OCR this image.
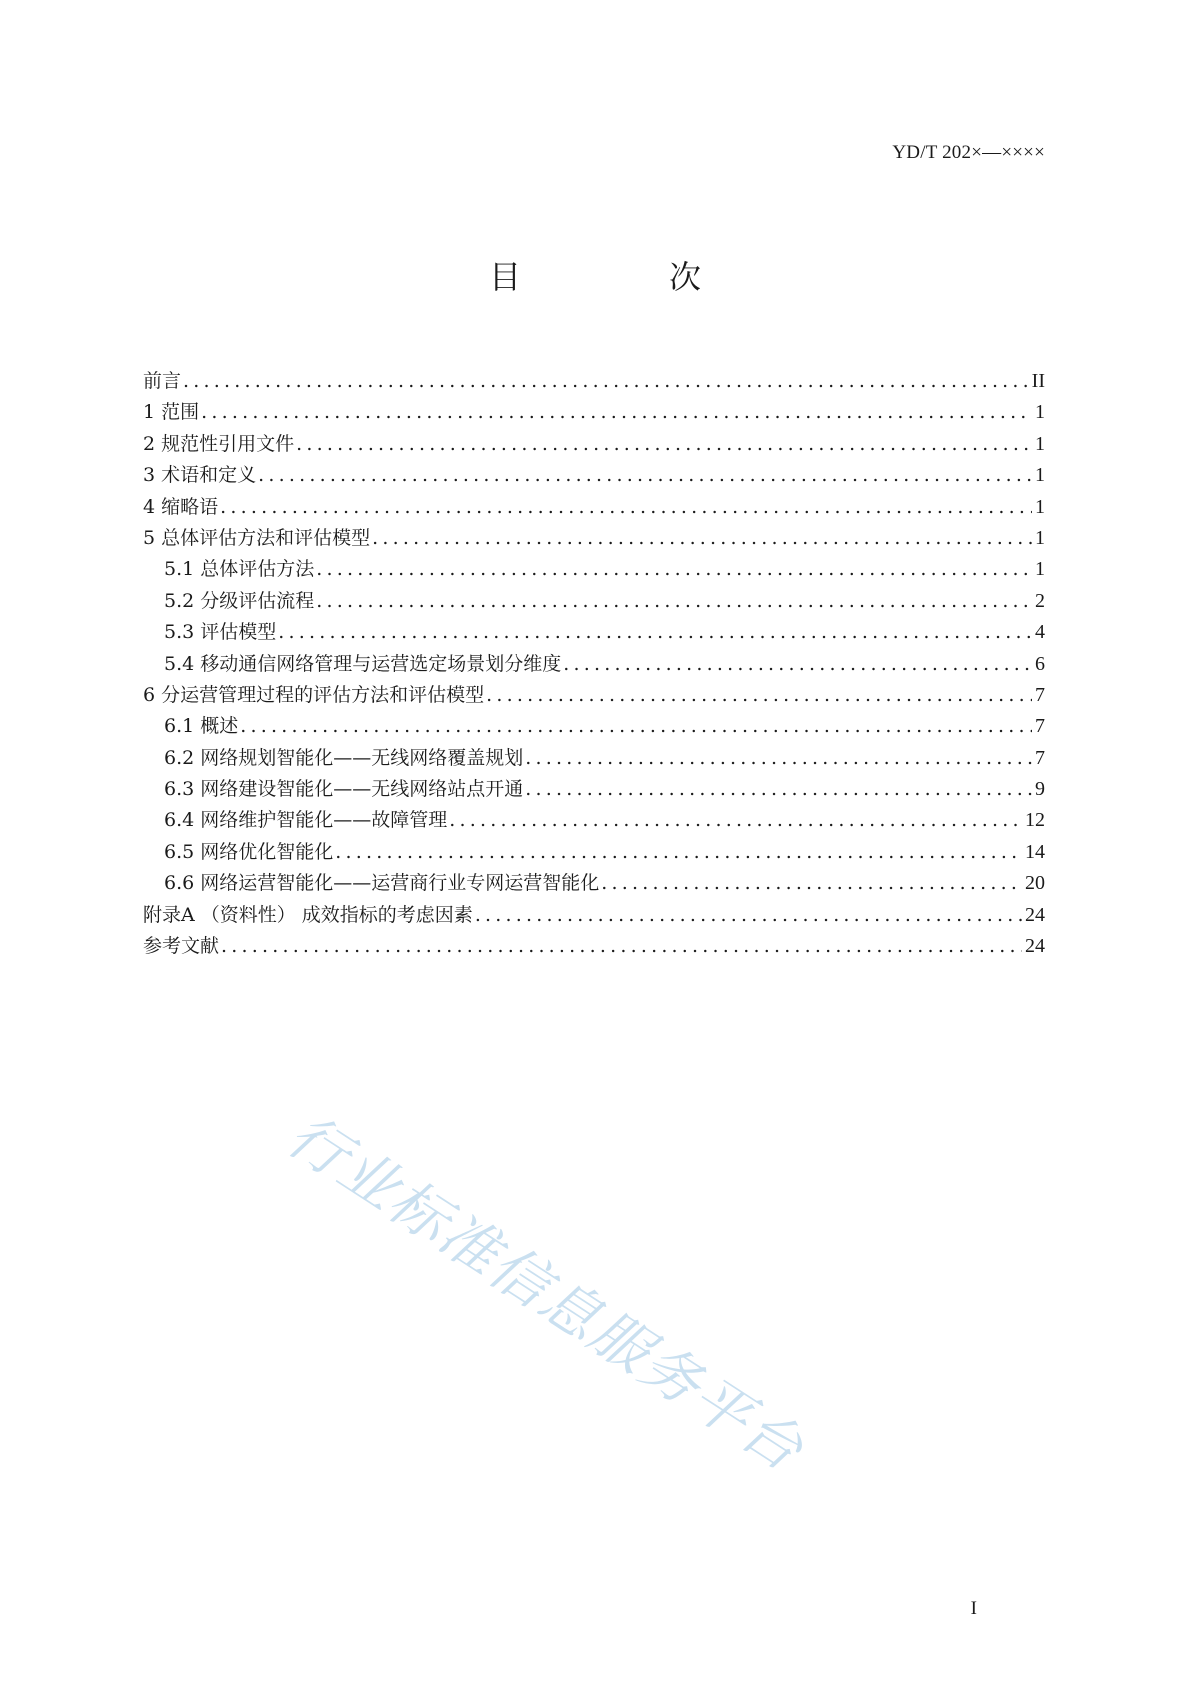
YD/T 202×—××××
目　次
前言 .....	II
1 范围 .....	1
2 规范性引用文件 .....	1
3 术语和定义 .....	1
4 缩略语 .....	1
5 总体评估方法和评估模型 .....	1
5.1 总体评估方法 .....	1
5.2 分级评估流程 .....	2
5.3 评估模型 .....	4
5.4 移动通信网络管理与运营选定场景划分维度 .....	6
6 分运营管理过程的评估方法和评估模型 .....	7
6.1 概述 .....	7
6.2 网络规划智能化——无线网络覆盖规划 .....	7
6.3 网络建设智能化——无线网络站点开通 .....	9
6.4 网络维护智能化——故障管理 .....	12
6.5 网络优化智能化 .....	14
6.6 网络运营智能化——运营商行业专网运营智能化 .....	20
附录A （资料性） 成效指标的考虑因素 .....	24
参考文献 .....	24
行业标准信息服务平台
I
